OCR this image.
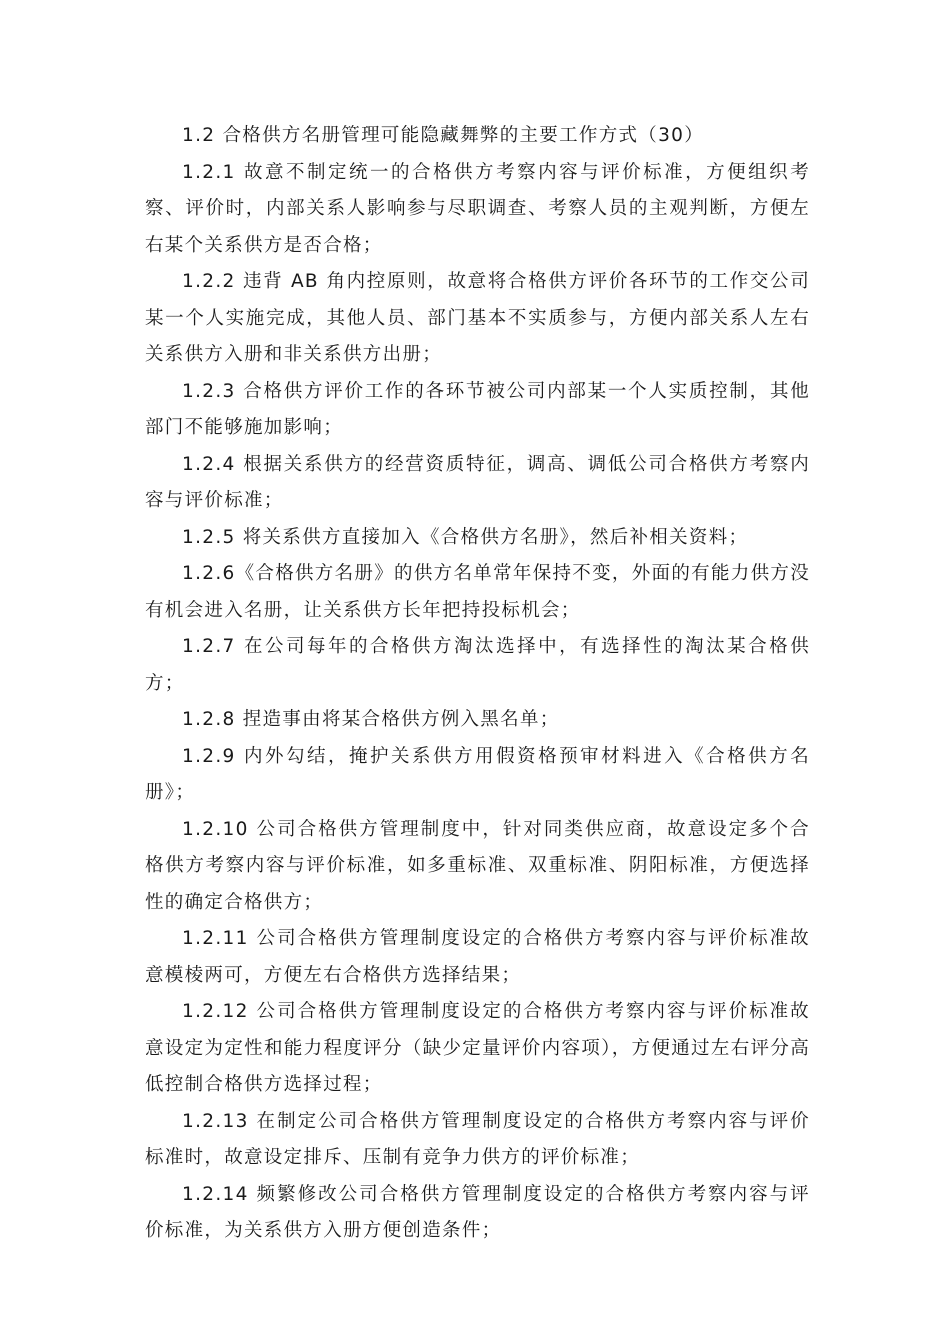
1.2 合格供方名册管理可能隐藏舞弊的主要工作方式（30）

1.2.1 故意不制定统一的合格供方考察内容与评价标准，方便组织考察、评价时，内部关系人影响参与尽职调查、考察人员的主观判断，方便左右某个关系供方是否合格；

1.2.2 违背 AB 角内控原则，故意将合格供方评价各环节的工作交公司某一个人实施完成，其他人员、部门基本不实质参与，方便内部关系人左右关系供方入册和非关系供方出册；

1.2.3 合格供方评价工作的各环节被公司内部某一个人实质控制，其他部门不能够施加影响；

1.2.4 根据关系供方的经营资质特征，调高、调低公司合格供方考察内容与评价标准；

1.2.5 将关系供方直接加入《合格供方名册》，然后补相关资料；

1.2.6《合格供方名册》的供方名单常年保持不变，外面的有能力供方没有机会进入名册，让关系供方长年把持投标机会；

1.2.7 在公司每年的合格供方淘汰选择中，有选择性的淘汰某合格供方；

1.2.8 捏造事由将某合格供方例入黑名单；

1.2.9 内外勾结，掩护关系供方用假资格预审材料进入《合格供方名册》；

1.2.10 公司合格供方管理制度中，针对同类供应商，故意设定多个合格供方考察内容与评价标准，如多重标准、双重标准、阴阳标准，方便选择性的确定合格供方；

1.2.11 公司合格供方管理制度设定的合格供方考察内容与评价标准故意模棱两可，方便左右合格供方选择结果；

1.2.12 公司合格供方管理制度设定的合格供方考察内容与评价标准故意设定为定性和能力程度评分（缺少定量评价内容项），方便通过左右评分高低控制合格供方选择过程；

1.2.13 在制定公司合格供方管理制度设定的合格供方考察内容与评价标准时，故意设定排斥、压制有竞争力供方的评价标准；

1.2.14 频繁修改公司合格供方管理制度设定的合格供方考察内容与评价标准，为关系供方入册方便创造条件；
